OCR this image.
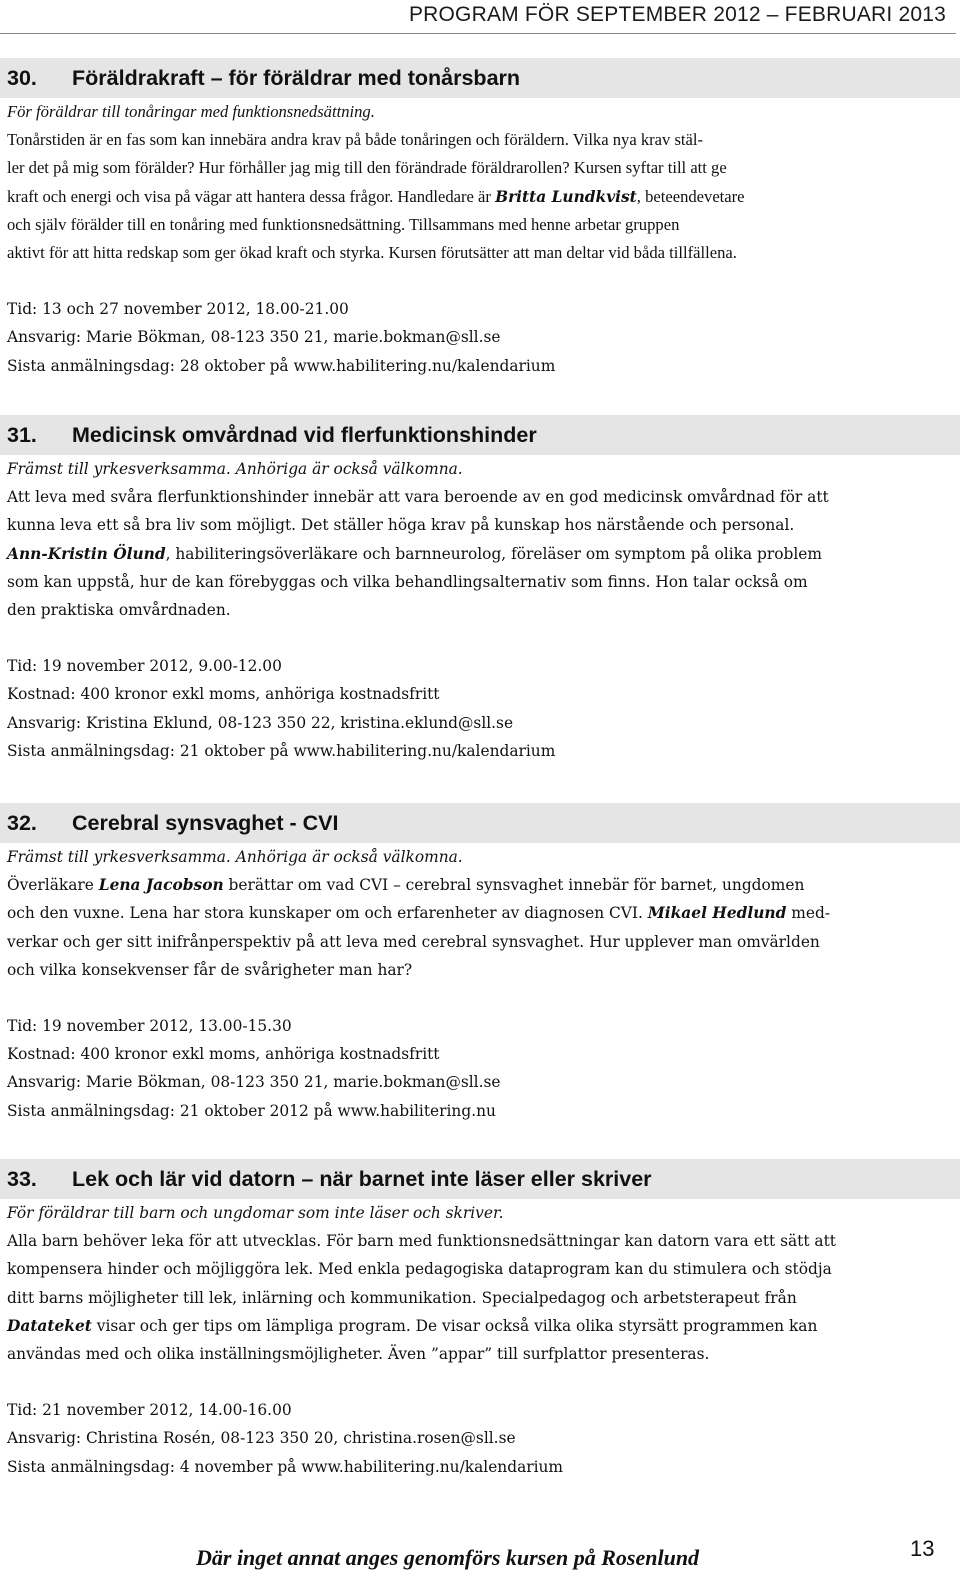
PROGRAM FÖR SEPTEMBER 2012 – FEBRUARI 2013
30.	Föräldrakraft – för föräldrar med tonårsbarn

För föräldrar till tonåringar med funktionsnedsättning.

Tonårstiden är en fas som kan innebära andra krav på både tonåringen och föräldern. Vilka nya krav stäl-

ler det på mig som förälder? Hur förhåller jag mig till den förändrade föräldrarollen? Kursen syftar till att ge

kraft och energi och visa på vägar att hantera dessa frågor. Handledare är Britta Lundkvist, beteendevetare

och själv förälder till en tonåring med funktionsnedsättning. Tillsammans med henne arbetar gruppen

aktivt för att hitta redskap som ger ökad kraft och styrka. Kursen förutsätter att man deltar vid båda tillfällena.

Tid: 13 och 27 november 2012, 18.00-21.00

Ansvarig: Marie Bökman, 08-123 350 21, marie.bokman@sll.se

Sista anmälningsdag: 28 oktober på www.habilitering.nu/kalendarium

31.	Medicinsk omvårdnad vid flerfunktionshinder

Främst till yrkesverksamma. Anhöriga är också välkomna.

Att leva med svåra flerfunktionshinder innebär att vara beroende av en god medicinsk omvårdnad för att

kunna leva ett så bra liv som möjligt. Det ställer höga krav på kunskap hos närstående och personal.

Ann-Kristin Ölund, habiliteringsöverläkare och barnneurolog, föreläser om symptom på olika problem

som kan uppstå, hur de kan förebyggas och vilka behandlingsalternativ som finns. Hon talar också om

den praktiska omvårdnaden.

Tid: 19 november 2012, 9.00-12.00

Kostnad: 400 kronor exkl moms, anhöriga kostnadsfritt

Ansvarig: Kristina Eklund, 08-123 350 22, kristina.eklund@sll.se

Sista anmälningsdag: 21 oktober på www.habilitering.nu/kalendarium

32.	Cerebral synsvaghet - CVI

Främst till yrkesverksamma. Anhöriga är också välkomna.

Överläkare Lena Jacobson berättar om vad CVI – cerebral synsvaghet innebär för barnet, ungdomen

och den vuxne. Lena har stora kunskaper om och erfarenheter av diagnosen CVI. Mikael Hedlund med-

verkar och ger sitt inifrånperspektiv på att leva med cerebral synsvaghet. Hur upplever man omvärlden

och vilka konsekvenser får de svårigheter man har?

Tid: 19 november 2012, 13.00-15.30

Kostnad: 400 kronor exkl moms, anhöriga kostnadsfritt

Ansvarig: Marie Bökman, 08-123 350 21, marie.bokman@sll.se

Sista anmälningsdag: 21 oktober 2012 på www.habilitering.nu

33.	Lek och lär vid datorn – när barnet inte läser eller skriver

För föräldrar till barn och ungdomar som inte läser och skriver.

Alla barn behöver leka för att utvecklas. För barn med funktionsnedsättningar kan datorn vara ett sätt att

kompensera hinder och möjliggöra lek. Med enkla pedagogiska dataprogram kan du stimulera och stödja

ditt barns möjligheter till lek, inlärning och kommunikation. Specialpedagog och arbetsterapeut från

Datateket visar och ger tips om lämpliga program. De visar också vilka olika styrsätt programmen kan

användas med och olika inställningsmöjligheter. Även ”appar” till surfplattor presenteras.

Tid: 21 november 2012, 14.00-16.00

Ansvarig: Christina Rosén, 08-123 350 20, christina.rosen@sll.se

Sista anmälningsdag: 4 november på www.habilitering.nu/kalendarium

Där inget annat anges genomförs kursen på Rosenlund	13
